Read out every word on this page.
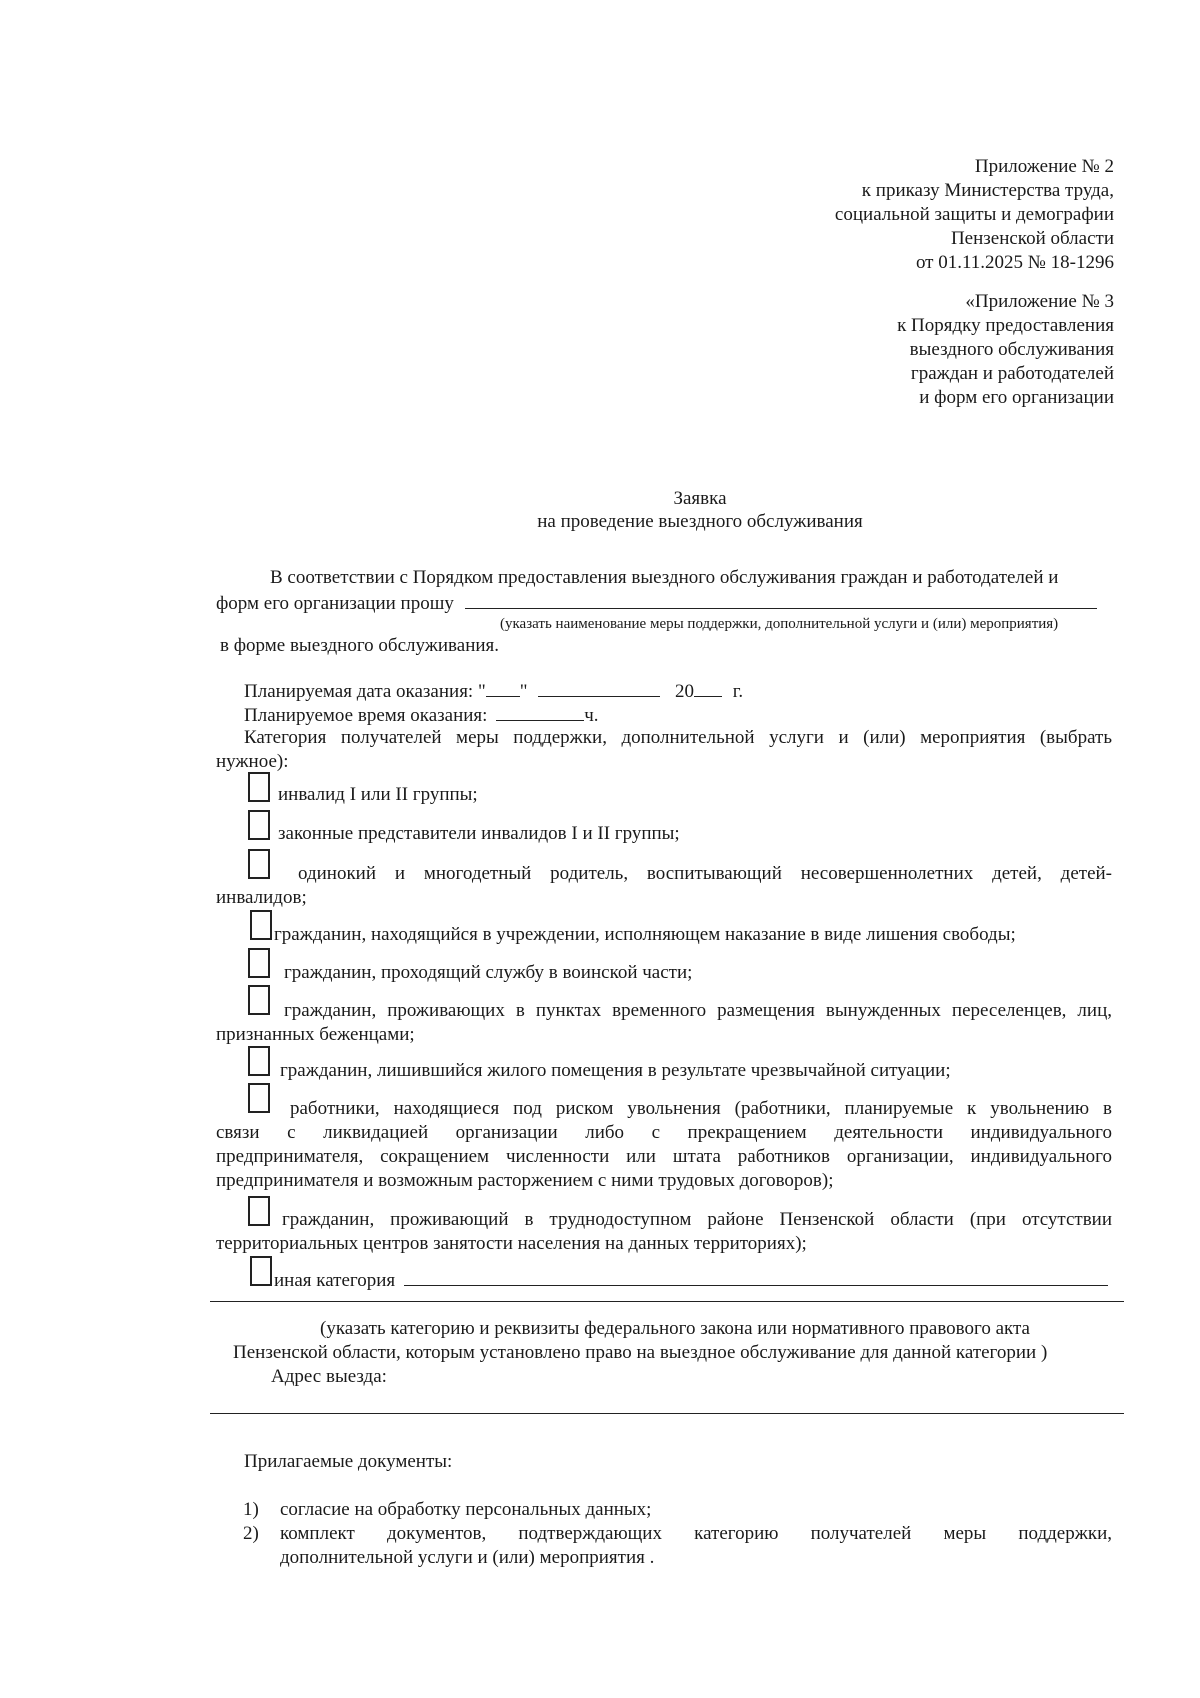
Приложение № 2
к приказу Министерства труда,
социальной защиты и демографии
Пензенской области
от 01.11.2025 № 18-1296
«Приложение № 3
к Порядку предоставления
выездного обслуживания
граждан и работодателей
и форм его организации
Заявка
на проведение выездного обслуживания
В соответствии с Порядком предоставления выездного обслуживания граждан и работодателей и
форм его организации прошу
(указать наименование меры поддержки, дополнительной услуги и (или) мероприятия)
в форме выездного обслуживания.
Планируемая дата оказания: " "	20 г.
Планируемое время оказания:	ч.
Категория получателей меры поддержки, дополнительной услуги и (или) мероприятия (выбрать
нужное):
инвалид I или II группы;
законные представители инвалидов I и II группы;
одинокий и многодетный родитель, воспитывающий несовершеннолетних детей, детей-
инвалидов;
гражданин, находящийся в учреждении, исполняющем наказание в виде лишения свободы;
гражданин, проходящий службу в воинской части;
гражданин, проживающих в пунктах временного размещения вынужденных переселенцев, лиц,
признанных беженцами;
гражданин, лишившийся жилого помещения в результате чрезвычайной ситуации;
работники, находящиеся под риском увольнения (работники, планируемые к увольнению в
связи с ликвидацией организации либо с прекращением деятельности индивидуального
предпринимателя, сокращением численности или штата работников организации, индивидуального
предпринимателя и возможным расторжением с ними трудовых договоров);
гражданин, проживающий в труднодоступном районе Пензенской области (при отсутствии
территориальных центров занятости населения на данных территориях);
иная категория
(указать категорию и реквизиты федерального закона или нормативного правового акта
Пензенской области, которым установлено право на выездное обслуживание для данной категории )
Адрес выезда:
Прилагаемые документы:
1) согласие на обработку персональных данных;
2) комплект документов, подтверждающих категорию получателей меры поддержки,
дополнительной услуги и (или) мероприятия .
